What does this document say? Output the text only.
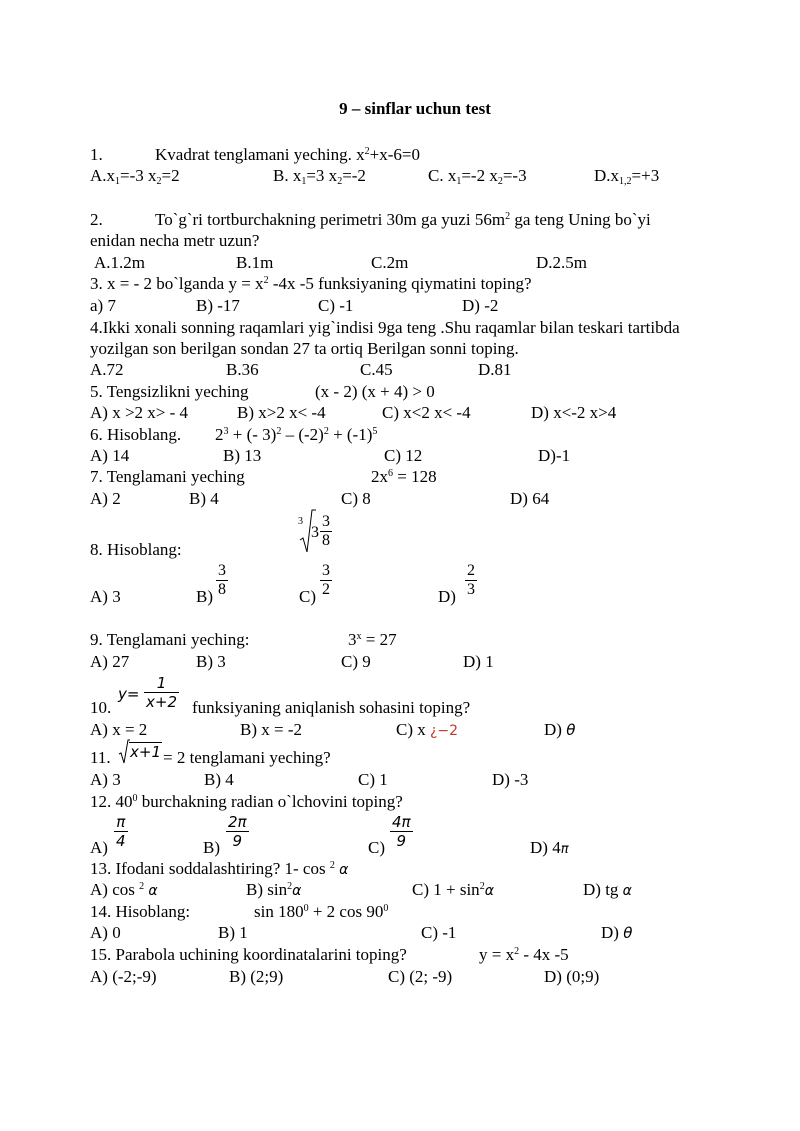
9 – sinflar uchun test
1.	Kvadrat tenglamani yeching. $x^2+x-6=0$
$A.x_1=-3$ $x_2=2$	B. $x_1=3$ $x_2=-2$	C. $x_1=-2$ $x_2=-3$	$D.x_{1,2}=+3$
2.	To`g`ri tortburchakning perimetri 30m ga yuzi $56m^2$ ga teng Uning bo`yi
enidan necha metr uzun?
A.1.2m	B.1m	C.2m	D.2.5m
3. x = - 2 bo`lganda $y = x^2$ -4x -5 funksiyaning qiymatini toping?
a) 7	B) -17	C) -1	D) -2
4.Ikki xonali sonning raqamlari yig`indisi 9ga teng .Shu raqamlar bilan teskari tartibda
yozilgan son berilgan sondan 27 ta ortiq Berilgan sonni toping.
A.72	B.36	C.45	D.81
5. Tengsizlikni yeching	(x - 2) (x + 4) > 0
A) x >2 x> - 4	B) x>2 x< -4	C) x<2 x< -4	D) x<-2 x>4
6. Hisoblang. $2^3$ + (- $3)^2 - (-2)^2 + (-1)^5$
A) 14	B) 13	C) 12	D)-1
7. Tenglamani yeching	$2x^6 = 128$
A) 2	B) 4	C) 8	D) 64
8. Hisoblang:
3
$3 \frac{3}{8}$
A) 3	$B) \frac{3}{8}$	$C) \frac{3}{2}$	$D) \frac{2}{3}$
9. Tenglamani yeching:	$3^x = 27$
A) 27	B) 3	C) 9	D) 1
10.
$y= \frac{1}{x+2}$ funksiyaning aniqlanish sohasini toping?
A) x = 2	B) x = -2	C) x ¿−2	D) θ
11. x+1 = 2 tenglamani yeching?
A) 3	B) 4	C) 1	D) -3
12. $40^0$ burchakning radian o`lchovini toping?
$A) \frac{\pi}{4}$	$B) \frac{2\pi}{9}$	$C) \frac{4\pi}{9}$	D) 4π
13. Ifodani soddalashtiring? 1- cos $^2$ α
A) cos $^2$ α	B) $\sin^2\alpha$	C) $1 + \sin^2\alpha$	D) tg α
14. Hisoblang:	$\sin 180^0 + 2$ $\cos 90^0$
A) 0	B) 1	C) -1	D) θ
15. Parabola uchining koordinatalarini toping?	$y = x^2 - 4x$ -5
A) (-2;-9)	B) (2;9)	C) (2; -9)	D) (0;9)
